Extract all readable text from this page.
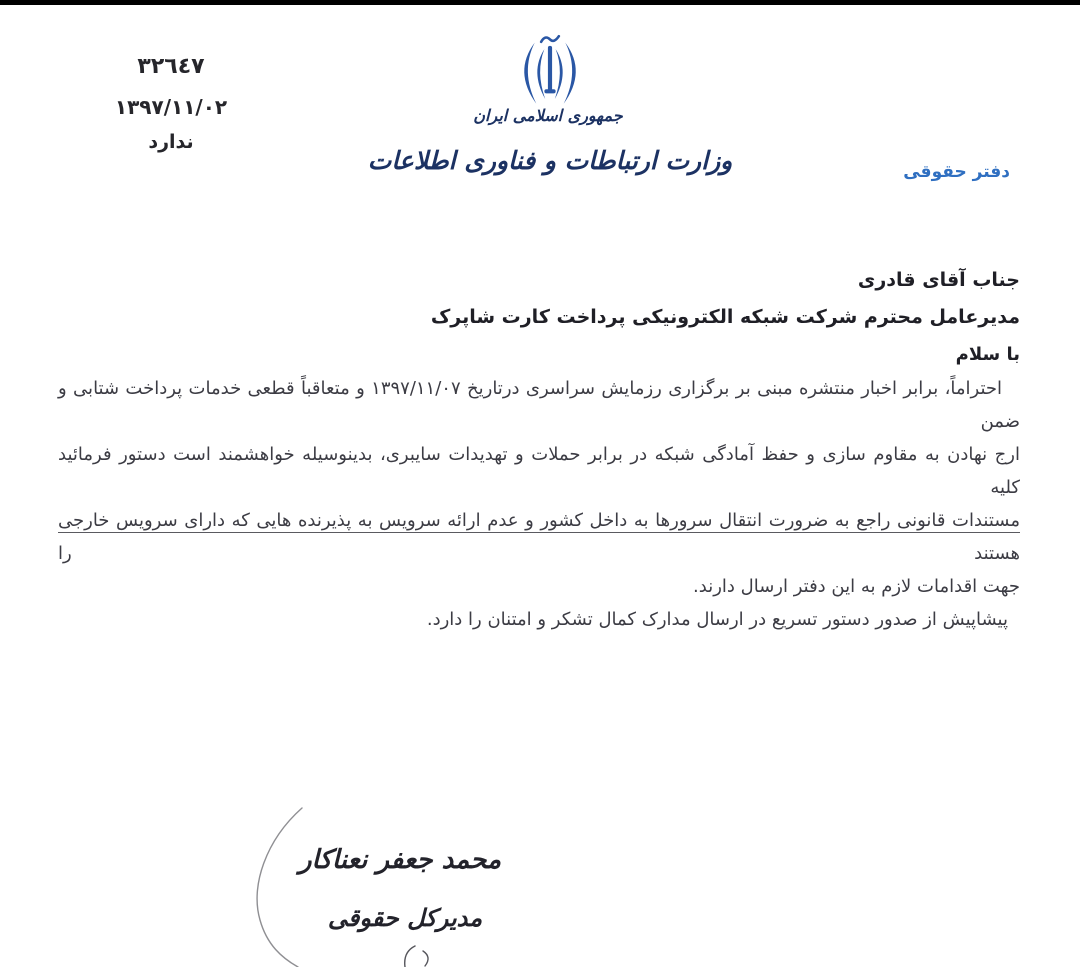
٣٢٦٤٧
١٣٩٧/١١/٠٢
ندارد
جمهوری اسلامی ایران
وزارت ارتباطات و فناوری اطلاعات	دفتر حقوقی
جناب آقای قادری
مدیرعامل محترم شرکت شبکه الکترونیکی پرداخت کارت شاپرک
با سلام
احتراماً، برابر اخبار منتشره مبنی بر برگزاری رزمایش سراسری درتاریخ ١٣٩٧/١١/٠٧ و متعاقباً قطعی خدمات پرداخت شتابی و ضمن
ارج نهادن به مقاوم سازی و حفظ آمادگی شبکه در برابر حملات و تهدیدات سایبری، بدینوسیله خواهشمند است دستور فرمائید کلیه
مستندات قانونی راجع به ضرورت انتقال سرورها به داخل کشور و عدم ارائه سرویس به پذیرنده هایی که دارای سرویس خارجی هستند را
جهت اقدامات لازم به این دفتر ارسال دارند.
پیشاپیش از صدور دستور تسریع در ارسال مدارک کمال تشکر و امتنان را دارد.
محمد جعفر نعناکار
مدیرکل حقوقی
